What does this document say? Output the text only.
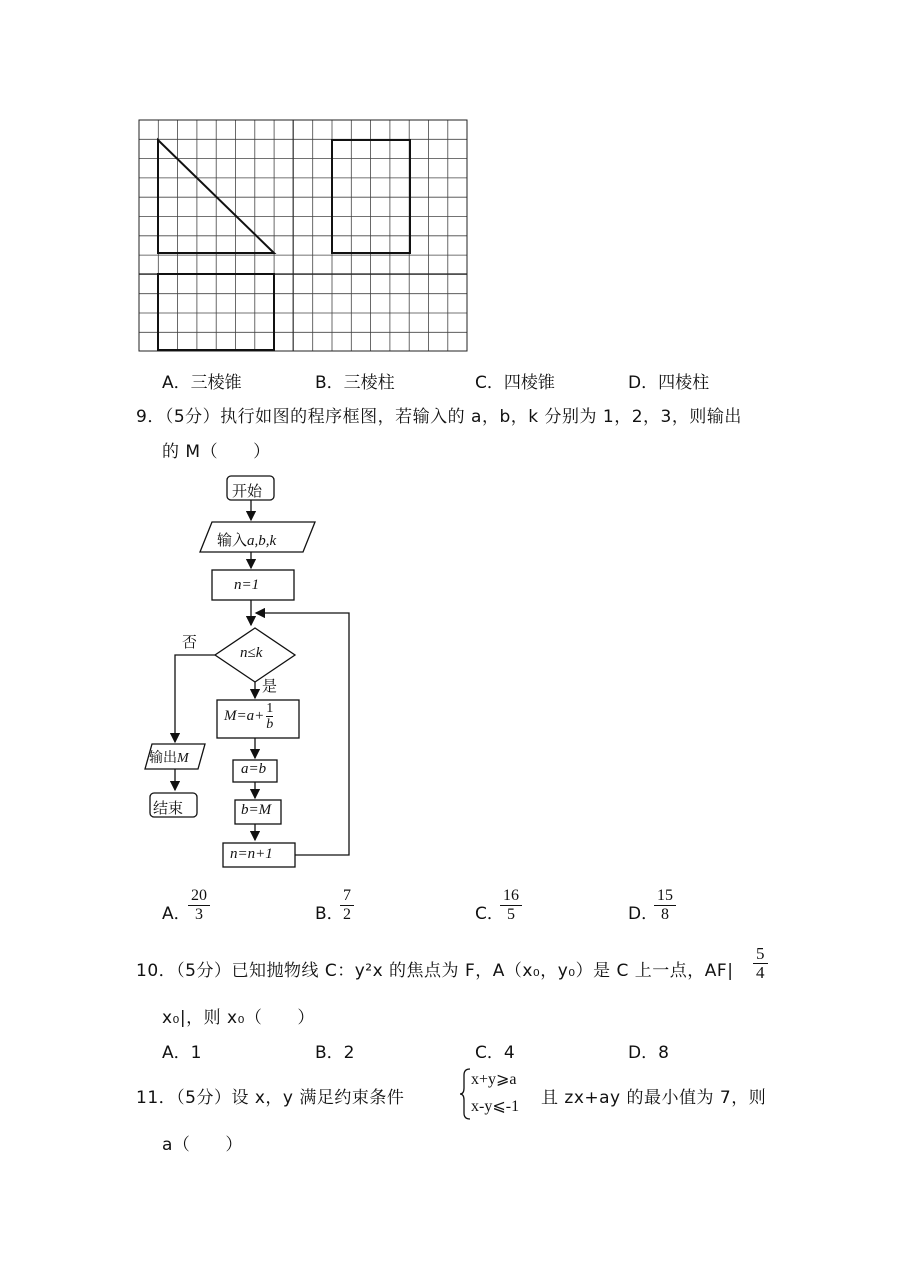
A．三棱锥	B．三棱柱	C．四棱锥	D．四棱柱
9．（5分）执行如图的程序框图，若输入的 a，b，k 分别为 1，2，3，则输出
的 M（　　）
开始
输入a,b,k
n=1
否
n≤k
是
$M=a+ \frac{1}{b}$
a=b
b=M
n=n+1
输出M
结束
A．
$\frac{20}{3}$	B．
$\frac{7}{2}$	C．
$\frac{16}{5}$	D．
$\frac{15}{8}$
10．（5分）已知抛物线 C：y²x 的焦点为 F，A（x₀，y₀）是 C 上一点，$AF| \frac{5}{4}$
x₀|，则 x₀（　　）
A．1	B．2	C．4	D．8
11．（5分）设 x，y 满足约束条件
x+y⩾a
x-y⩽-1 且 zx+ay 的最小值为 7，则
a（　　）
